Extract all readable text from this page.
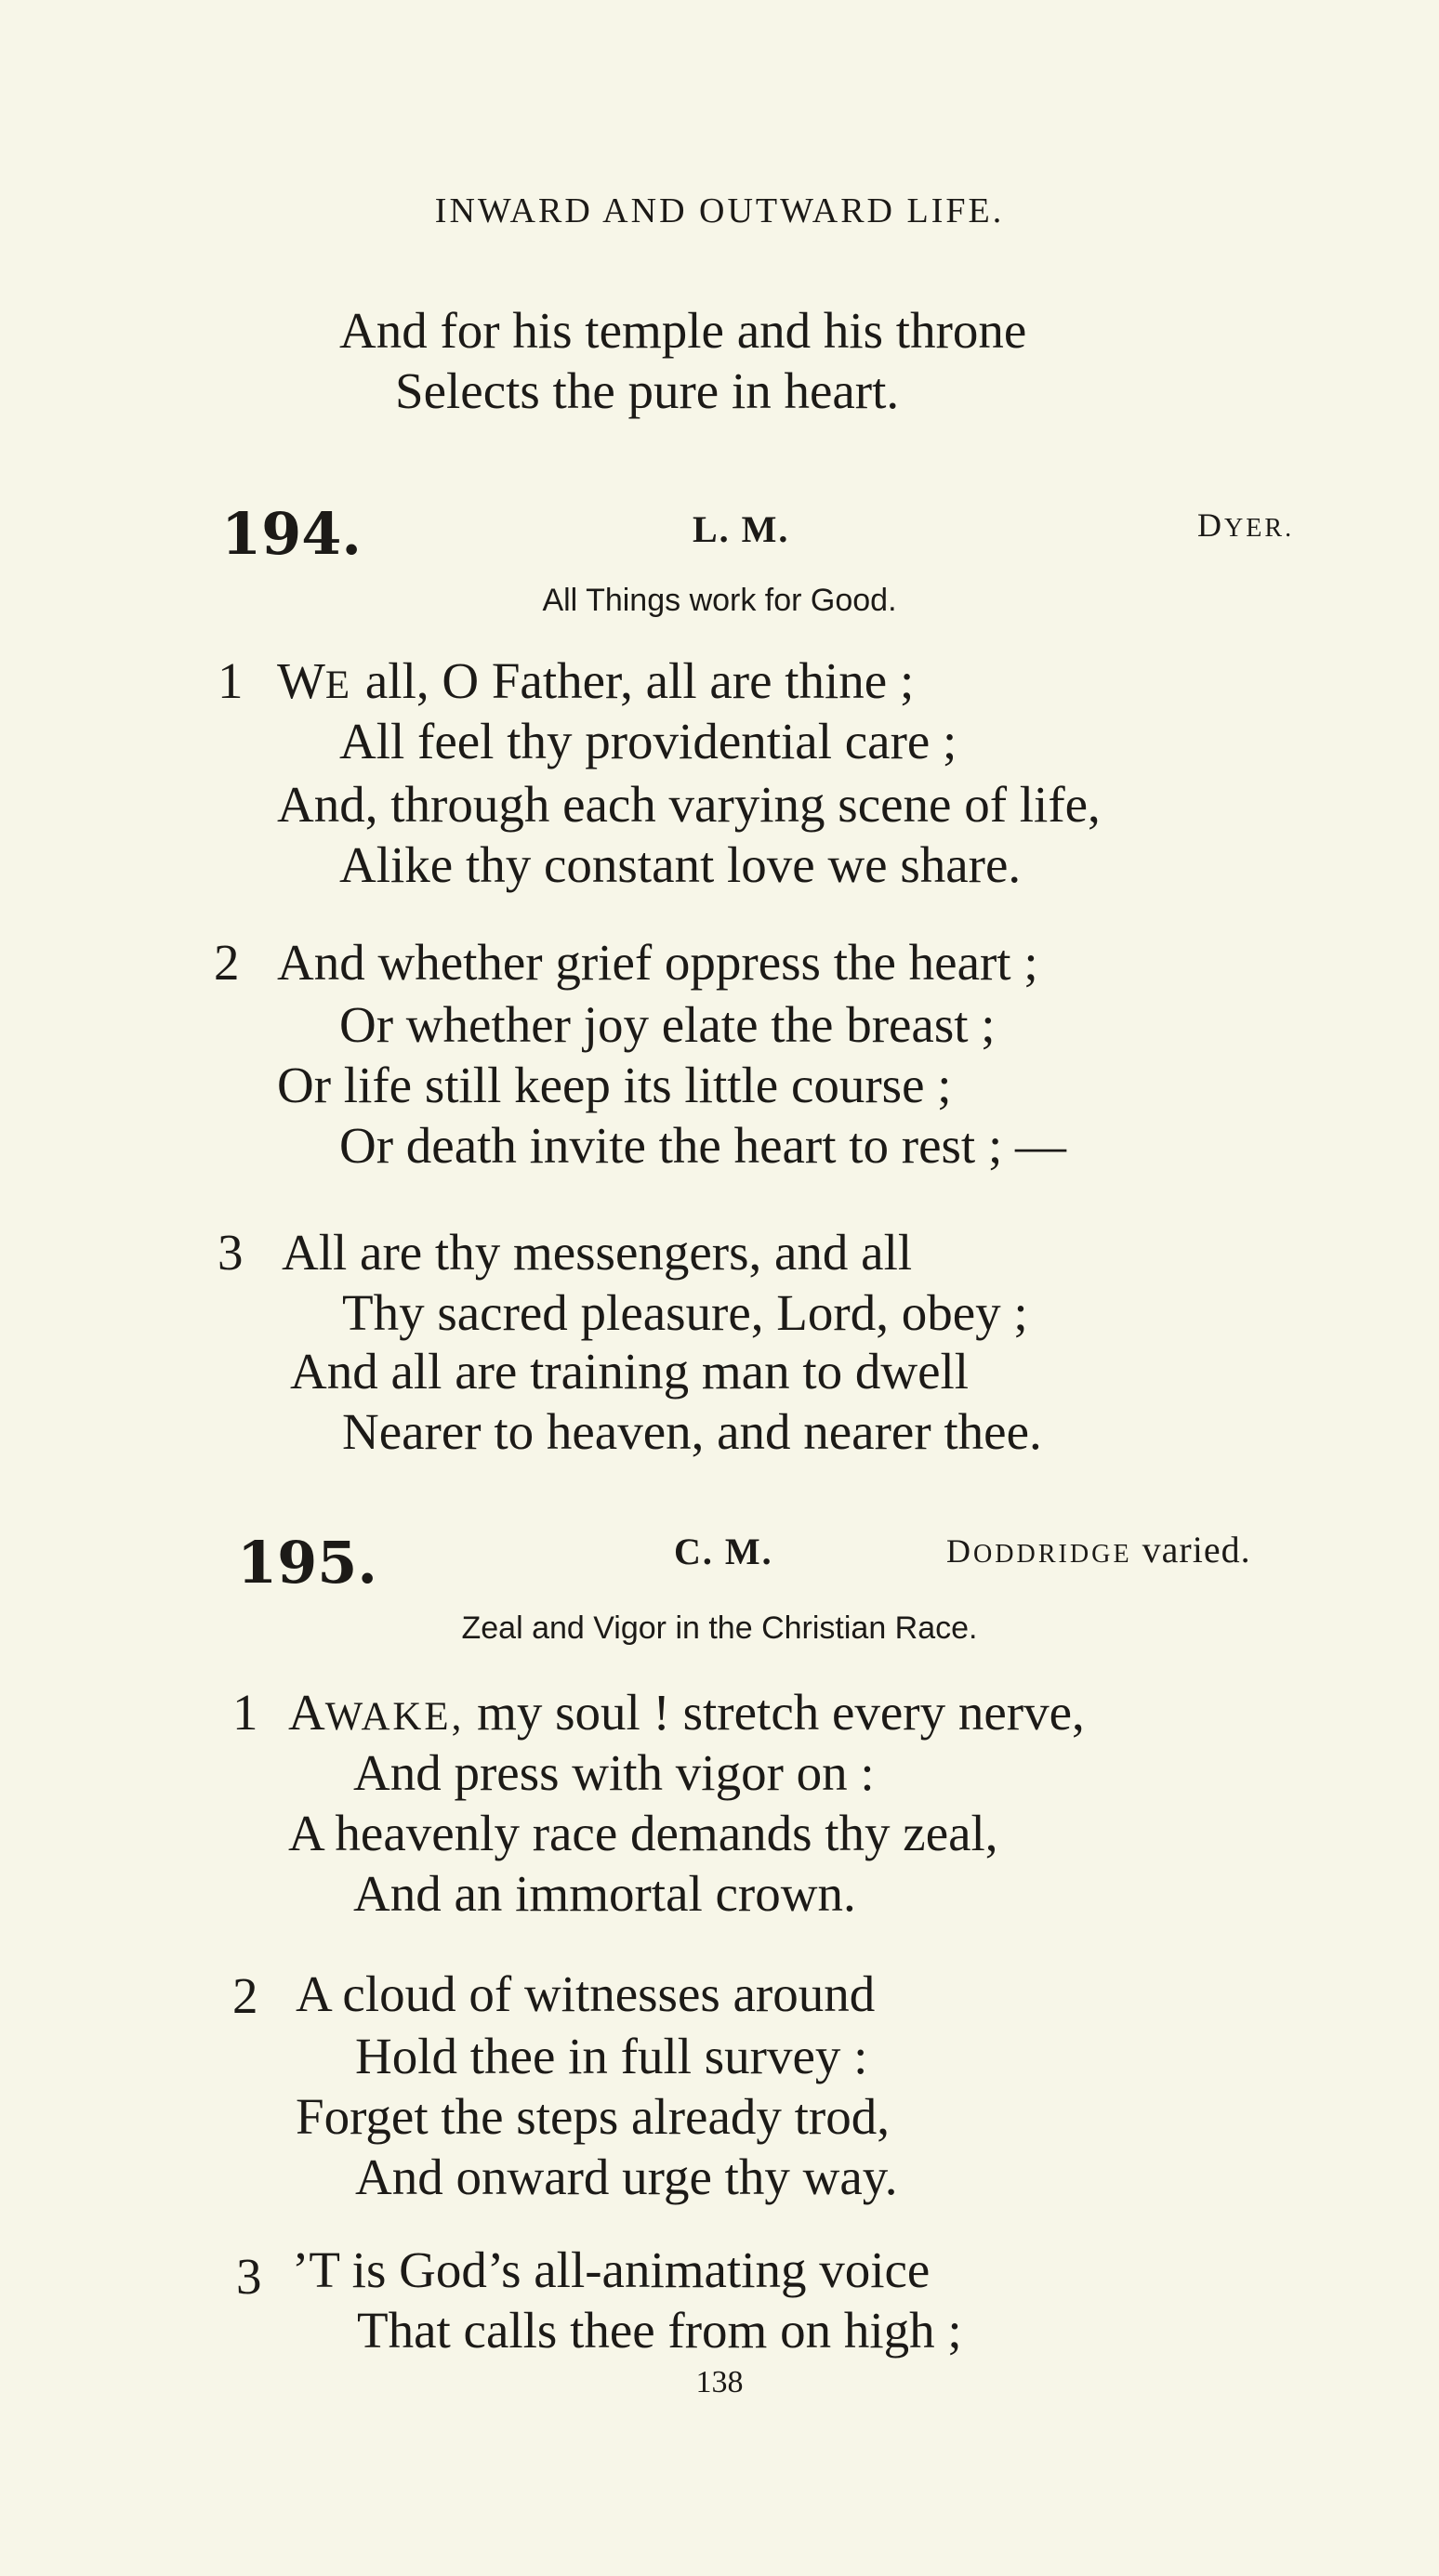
INWARD AND OUTWARD LIFE.
And for his temple and his throne
Selects the pure in heart.
194.	L. M.	DYER.
All Things work for Good.
1 WE all, O Father, all are thine ;
All feel thy providential care ;
And, through each varying scene of life,
Alike thy constant love we share.
2 And whether grief oppress the heart ;
Or whether joy elate the breast ;
Or life still keep its little course ;
Or death invite the heart to rest ; —
3 All are thy messengers, and all
Thy sacred pleasure, Lord, obey ;
And all are training man to dwell
Nearer to heaven, and nearer thee.
195.	C. M.	DODDRIDGE varied.
Zeal and Vigor in the Christian Race.
1 AWAKE, my soul ! stretch every nerve,
And press with vigor on :
A heavenly race demands thy zeal,
And an immortal crown.
2 A cloud of witnesses around
Hold thee in full survey :
Forget the steps already trod,
And onward urge thy way.
3 ’T is God’s all-animating voice
That calls thee from on high ;
138
